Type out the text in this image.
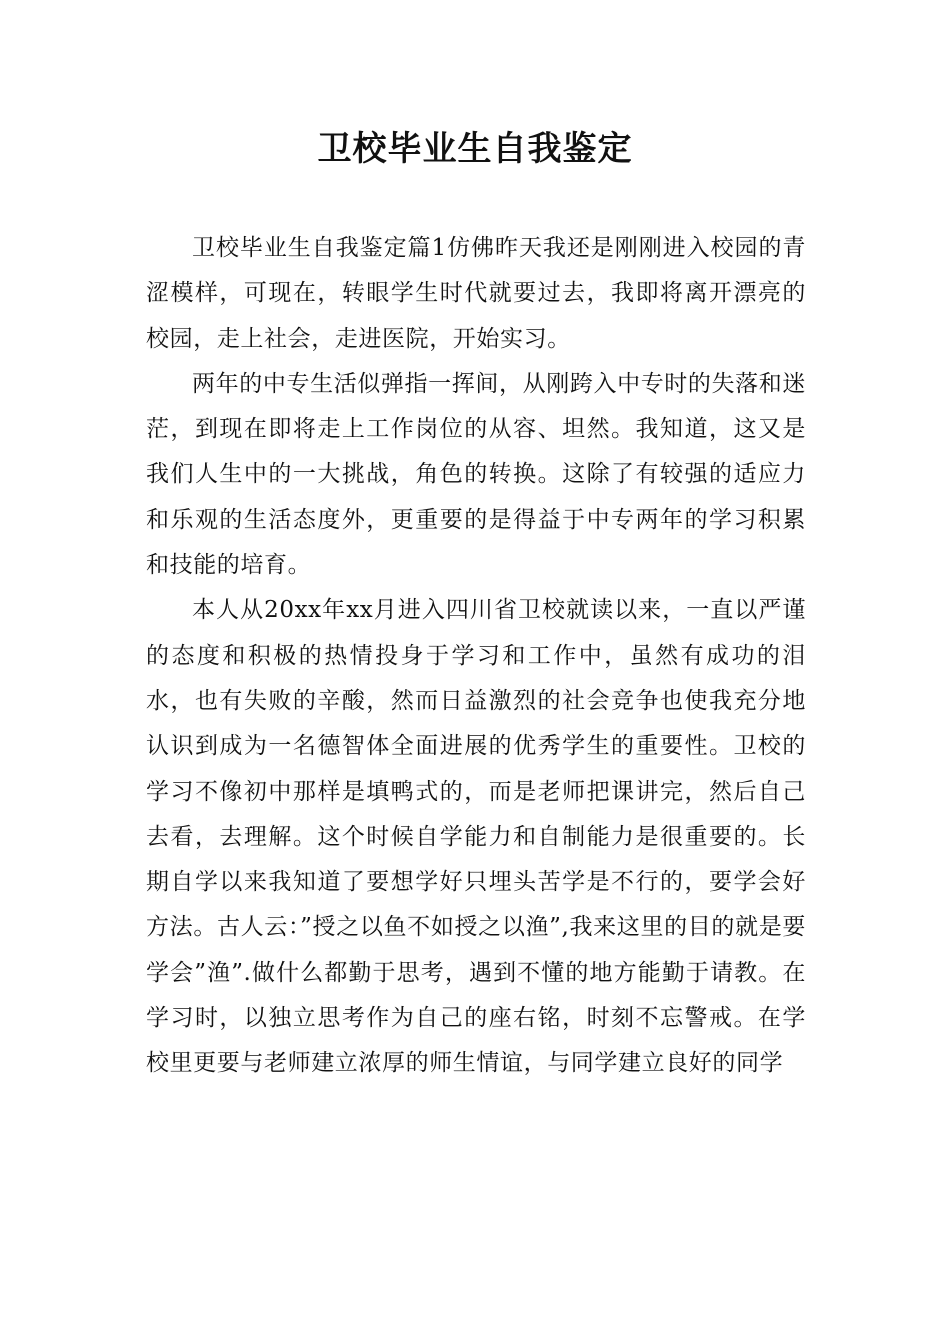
卫校毕业生自我鉴定

卫校毕业生自我鉴定篇1仿佛昨天我还是刚刚进入校园的青涩模样，可现在，转眼学生时代就要过去，我即将离开漂亮的校园，走上社会，走进医院，开始实习。

两年的中专生活似弹指一挥间，从刚跨入中专时的失落和迷茫，到现在即将走上工作岗位的从容、坦然。我知道，这又是我们人生中的一大挑战，角色的转换。这除了有较强的适应力和乐观的生活态度外，更重要的是得益于中专两年的学习积累和技能的培育。

本人从20xx年xx月进入四川省卫校就读以来，一直以严谨的态度和积极的热情投身于学习和工作中，虽然有成功的泪水，也有失败的辛酸，然而日益激烈的社会竞争也使我充分地认识到成为一名德智体全面进展的优秀学生的重要性。卫校的学习不像初中那样是填鸭式的，而是老师把课讲完，然后自己去看，去理解。这个时候自学能力和自制能力是很重要的。长期自学以来我知道了要想学好只埋头苦学是不行的，要学会好方法。古人云：”授之以鱼不如授之以渔”,我来这里的目的就是要学会”渔”.做什么都勤于思考，遇到不懂的地方能勤于请教。在学习时，以独立思考作为自己的座右铭，时刻不忘警戒。在学校里更要与老师建立浓厚的师生情谊，与同学建立良好的同学
